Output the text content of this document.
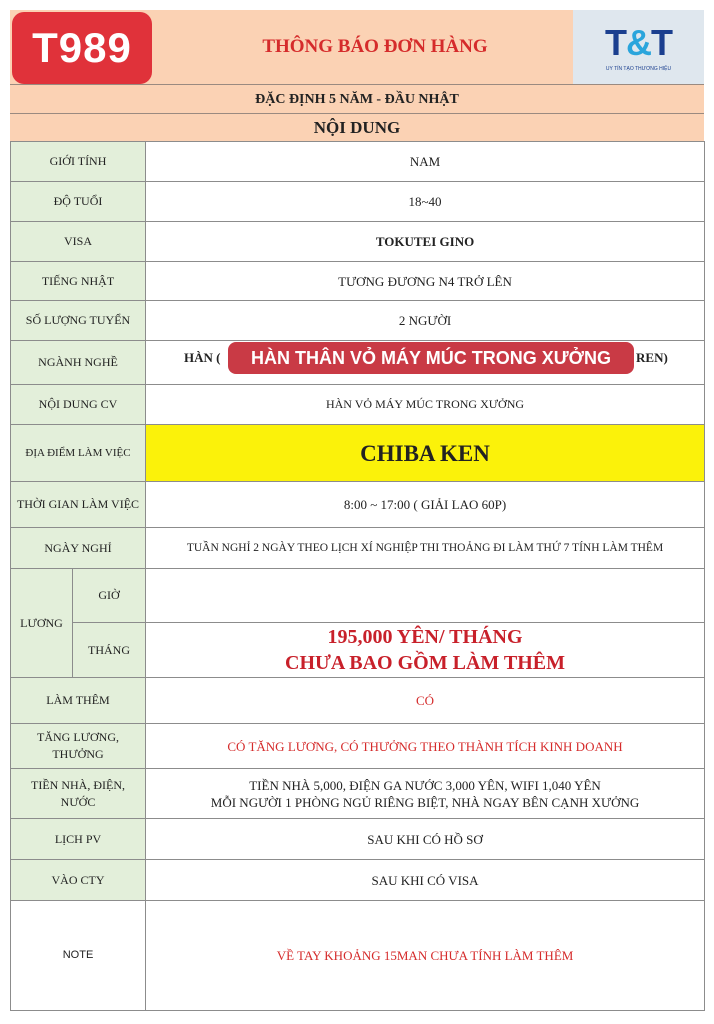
T989	THÔNG BÁO ĐƠN HÀNG	T&T
UY TÍN TẠO THƯƠNG HIỆU
ĐẶC ĐỊNH 5 NĂM - ĐẦU NHẬT
NỘI DUNG
GIỚI TÍNH		NAM
ĐỘ TUỔI		18~40
VISA		TOKUTEI GINO
TIẾNG NHẬT		TƯƠNG ĐƯƠNG N4 TRỞ LÊN
SỐ LƯỢNG TUYỂN		2 NGƯỜI
NGÀNH NGHỀ		HÀN ( REN)
HÀN THÂN VỎ MÁY MÚC TRONG XƯỞNG

NỘI DUNG CV		HÀN VỎ MÁY MÚC TRONG XƯỞNG
ĐỊA ĐIỂM LÀM VIỆC		CHIBA KEN
THỜI GIAN LÀM VIỆC		8:00 ~ 17:00 ( GIẢI LAO 60P)
NGÀY NGHỈ		TUẦN NGHỈ 2 NGÀY THEO LỊCH XÍ NGHIỆP THI THOẢNG ĐI LÀM THỨ 7 TÍNH LÀM THÊM
LƯƠNG	GIỜ	
	THÁNG	195,000 YÊN/ THÁNG
CHƯA BAO GỒM LÀM THÊM

LÀM THÊM		CÓ
TĂNG LƯƠNG, THƯỞNG		CÓ TĂNG LƯƠNG, CÓ THƯỞNG THEO THÀNH TÍCH KINH DOANH
TIỀN NHÀ, ĐIỆN, NƯỚC		TIỀN NHÀ 5,000, ĐIỆN GA NƯỚC 3,000 YÊN, WIFI 1,040 YÊN
MỖI NGƯỜI 1 PHÒNG NGỦ RIÊNG BIỆT, NHÀ NGAY BÊN CẠNH XƯỞNG

LỊCH PV		SAU KHI CÓ HỒ SƠ
VÀO CTY		SAU KHI CÓ VISA
NOTE		VỀ TAY KHOẢNG 15MAN CHƯA TÍNH LÀM THÊM
